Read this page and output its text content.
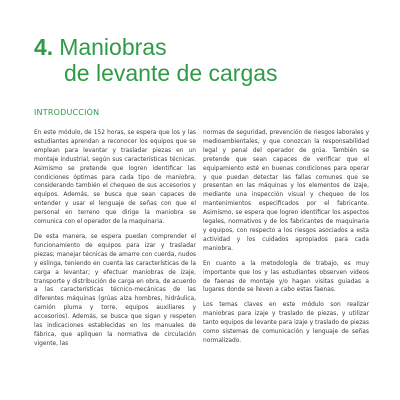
4. Maniobras
de levante de cargas
INTRODUCCIÓN

En este módulo, de 152 horas, se espera que los y las estudiantes aprendan a reconocer los equipos que se emplean para levantar y trasladar piezas en un montaje industrial, según sus características técnicas. Asimismo se pretende que logren identificar las condiciones óptimas para cada tipo de maniobra, considerando también el chequeo de sus accesorios y equipos. Además, se busca que sean capaces de entender y usar el lenguaje de señas con que el personal en terreno que dirige la maniobra se comunica con el operador de la maquinaria.

De esta manera, se espera puedan comprender el funcionamiento de equipos para izar y trasladar piezas; manejar técnicas de amarre con cuerda, nudos y eslinga, teniendo en cuenta las características de la carga a levantar; y efectuar maniobras de izaje, transporte y distribución de carga en obra, de acuerdo a las características técnico-mecánicas de las diferentes máquinas (grúas alza hombres, hidráulica, camión pluma y torre, equipos auxiliares y accesorios). Además, se busca que sigan y respeten las indicaciones establecidas en los manuales de fábrica, que apliquen la normativa de circulación vigente, las

normas de seguridad, prevención de riesgos laborales y medioambientales, y que conozcan la responsabilidad legal y penal del operador de grúa. También se pretende que sean capaces de verificar que el equipamiento esté en buenas condiciones para operar y que puedan detectar las fallas comunes que se presentan en las máquinas y los elementos de izaje, mediante una inspección visual y chequeo de los mantenimientos especificados por el fabricante. Asimismo, se espera que logren identificar los aspectos legales, normativos y de los fabricantes de maquinaria y equipos, con respecto a los riesgos asociados a esta actividad y los cuidados apropiados para cada maniobra.

En cuanto a la metodología de trabajo, es muy importante que los y las estudiantes observen videos de faenas de montaje y/o hagan visitas guiadas a lugares donde se lleven a cabo estas faenas.

Los temas claves en este módulo son realizar maniobras para izaje y traslado de piezas, y utilizar tanto equipos de levante para izaje y traslado de piezas como sistemas de comunicación y lenguaje de señas normalizado.
